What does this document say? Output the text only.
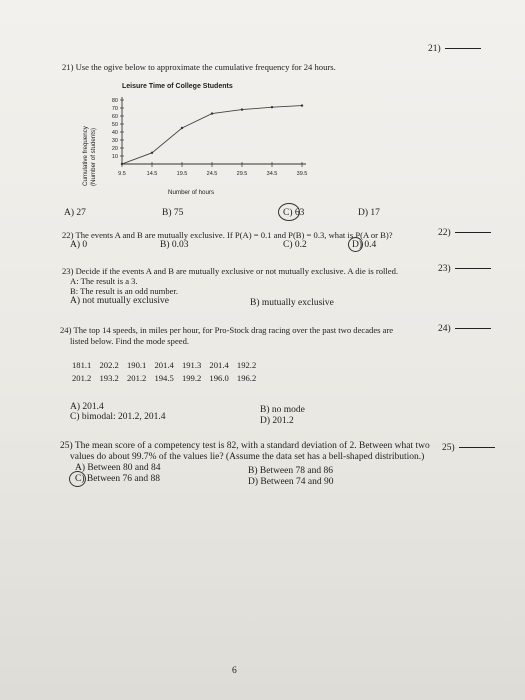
21)
21) Use the ogive below to approximate the cumulative frequency for 24 hours.
Leisure Time of College Students
Cumulative frequency (Number of students)
80
70
60
50
40
30
20
10
9.5	14.5	19.5	24.5	29.5	34.5	39.5
Number of hours
A) 27	B) 75	C) 63	D) 17
22) The events A and B are mutually exclusive. If P(A) = 0.1 and P(B) = 0.3, what is P(A or B)?	22)
A) 0	B) 0.03	C) 0.2	D) 0.4
23) Decide if the events A and B are mutually exclusive or not mutually exclusive. A die is rolled.	23)
A: The result is a 3.
B: The result is an odd number.
A) not mutually exclusive	B) mutually exclusive
24) The top 14 speeds, in miles per hour, for Pro-Stock drag racing over the past two decades are
listed below. Find the mode speed.
24)
181.1 202.2 190.1 201.4 191.3 201.4 192.2
201.2 193.2 201.2 194.5 199.2 196.0 196.2
A) 201.4	B) no mode
C) bimodal: 201.2, 201.4	D) 201.2
25) The mean score of a competency test is 82, with a standard deviation of 2. Between what two
values do about 99.7% of the values lie? (Assume the data set has a bell-shaped distribution.)
25)
A) Between 80 and 84	B) Between 78 and 86
C) Between 76 and 88	D) Between 74 and 90
6
